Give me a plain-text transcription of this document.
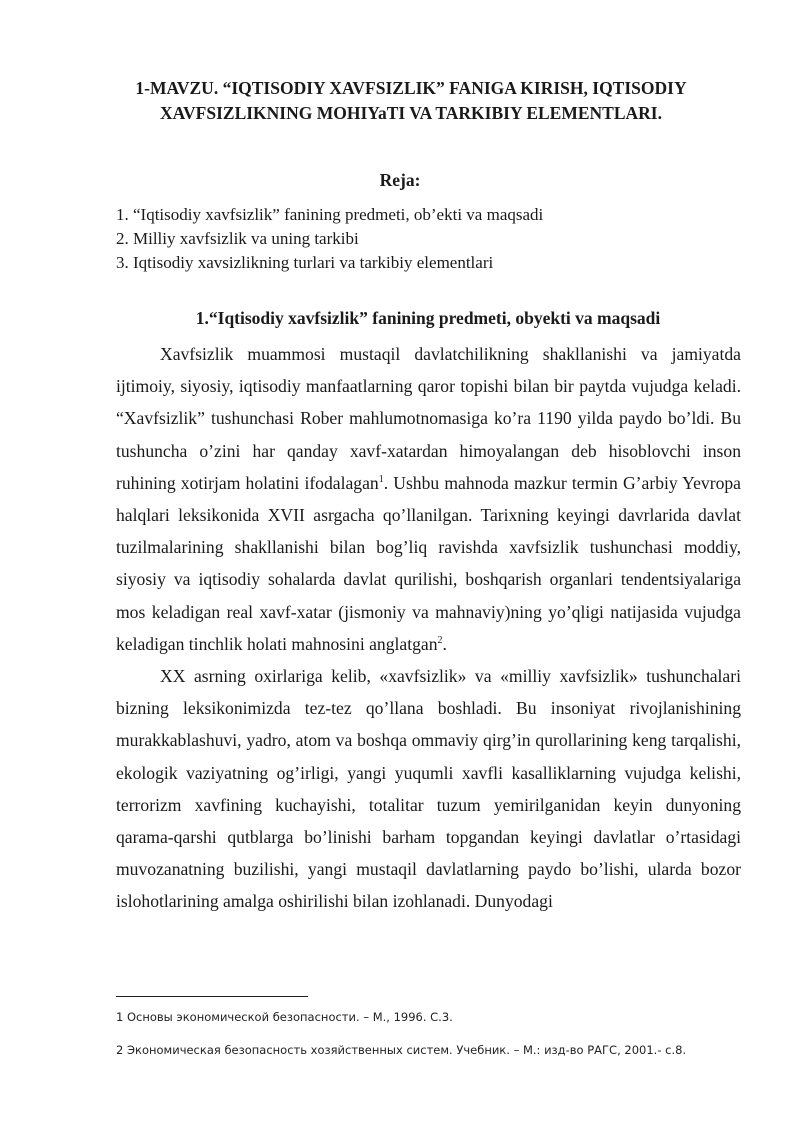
1-MAVZU. “IQTISODIY XAVFSIZLIK” FANIGA KIRISH, IQTISODIY XAVFSIZLIKNING MOHIYaTI VA TARKIBIY ELEMENTLARI.
Reja:
1. “Iqtisodiy xavfsizlik” fanining predmeti, ob’ekti va maqsadi
2. Milliy xavfsizlik va uning tarkibi
3. Iqtisodiy xavsizlikning turlari va tarkibiy elementlari
1.“Iqtisodiy xavfsizlik” fanining predmeti, obyekti va maqsadi

Xavfsizlik muammosi mustaqil davlatchilikning shakllanishi va jamiyatda ijtimoiy, siyosiy, iqtisodiy manfaatlarning qaror topishi bilan bir paytda vujudga keladi. “Xavfsizlik” tushunchasi Rober mahlumotnomasiga ko’ra 1190 yilda paydo bo’ldi. Bu tushuncha o’zini har qanday xavf-xatardan himoyalangan deb hisoblovchi inson ruhining xotirjam holatini ifodalagan$^1$. Ushbu mahnoda mazkur termin G’arbiy Yevropa halqlari leksikonida XVII asrgacha qo’llanilgan. Tarixning keyingi davrlarida davlat tuzilmalarining shakllanishi bilan bog’liq ravishda xavfsizlik tushunchasi moddiy, siyosiy va iqtisodiy sohalarda davlat qurilishi, boshqarish organlari tendentsiyalariga mos keladigan real xavf-xatar (jismoniy va mahnaviy)ning yo’qligi natijasida vujudga keladigan tinchlik holati mahnosini anglatgan$^2$.

XX asrning oxirlariga kelib, «xavfsizlik» va «milliy xavfsizlik» tushunchalari bizning leksikonimizda tez-tez qo’llana boshladi. Bu insoniyat rivojlanishining murakkablashuvi, yadro, atom va boshqa ommaviy qirg’in qurollarining keng tarqalishi, ekologik vaziyatning og’irligi, yangi yuqumli xavfli kasalliklarning vujudga kelishi, terrorizm xavfining kuchayishi, totalitar tuzum yemirilganidan keyin dunyoning qarama-qarshi qutblarga bo’linishi barham topgandan keyingi davlatlar o’rtasidagi muvozanatning buzilishi, yangi mustaqil davlatlarning paydo bo’lishi, ularda bozor islohotlarining amalga oshirilishi bilan izohlanadi. Dunyodagi

1 Основы экономической безопасности. – М., 1996. С.3.
2 Экономическая безопасность хозяйственных систем. Учебник. – М.: изд-во РАГС, 2001.- с.8.
